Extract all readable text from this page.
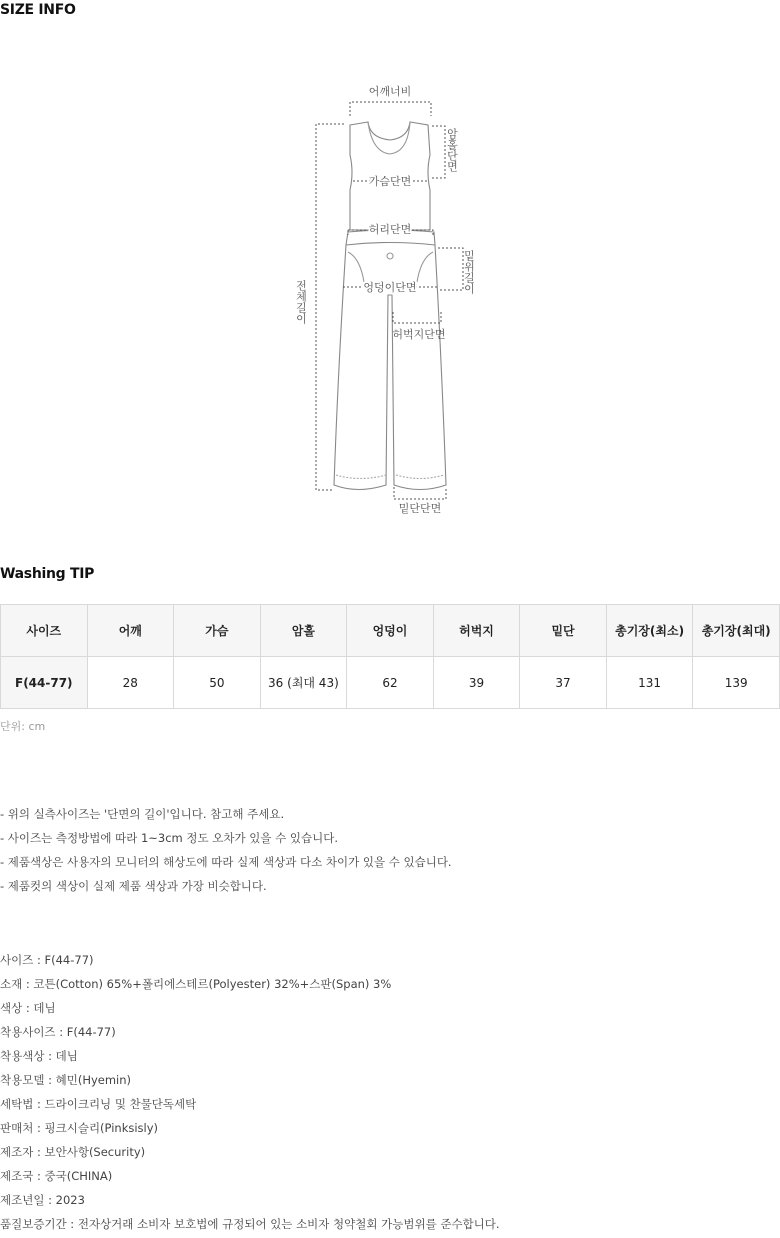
SIZE INFO
어깨너비
암홀단면
가슴단면
허리단면
밑위길이
엉덩이단면
허벅지단면
전체길이
밑단단면
Washing TIP
사이즈	어깨	가슴	암홀	엉덩이	허벅지	밑단	총기장(최소)	총기장(최대)
F(44-77)	28	50	36 (최대 43)	62	39	37	131	139
단위: cm
- 위의 실측사이즈는 '단면의 길이'입니다. 참고해 주세요.
- 사이즈는 측정방법에 따라 1~3cm 정도 오차가 있을 수 있습니다.
- 제품색상은 사용자의 모니터의 해상도에 따라 실제 색상과 다소 차이가 있을 수 있습니다.
- 제품컷의 색상이 실제 제품 색상과 가장 비슷합니다.
사이즈 : F(44-77)
소재 : 코튼(Cotton) 65%+폴리에스테르(Polyester) 32%+스판(Span) 3%
색상 : 데님
착용사이즈 : F(44-77)
착용색상 : 데님
착용모델 : 혜민(Hyemin)
세탁법 : 드라이크리닝 및 찬물단독세탁
판매처 : 핑크시슬리(Pinksisly)
제조자 : 보안사항(Security)
제조국 : 중국(CHINA)
제조년일 : 2023
품질보증기간 : 전자상거래 소비자 보호법에 규정되어 있는 소비자 청약철회 가능범위를 준수합니다.
